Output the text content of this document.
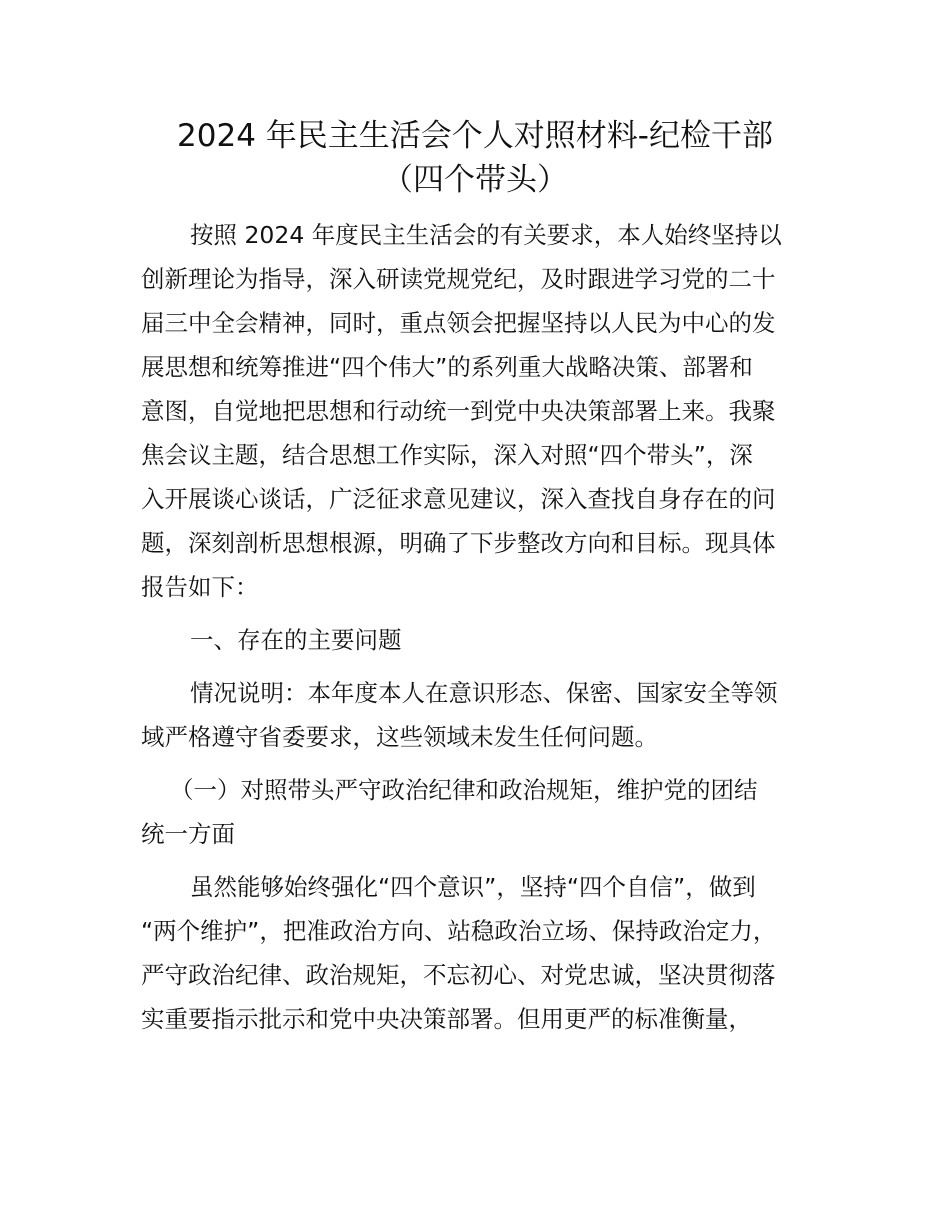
2024 年民主生活会个人对照材料-纪检干部
（四个带头）

按照 2024 年度民主生活会的有关要求，本人始终坚持以

创新理论为指导，深入研读党规党纪，及时跟进学习党的二十

届三中全会精神，同时，重点领会把握坚持以人民为中心的发

展思想和统筹推进“四个伟大”的系列重大战略决策、部署和

意图，自觉地把思想和行动统一到党中央决策部署上来。我聚

焦会议主题，结合思想工作实际，深入对照“四个带头”，深

入开展谈心谈话，广泛征求意见建议，深入查找自身存在的问

题，深刻剖析思想根源，明确了下步整改方向和目标。现具体

报告如下：

一、存在的主要问题

情况说明：本年度本人在意识形态、保密、国家安全等领

域严格遵守省委要求，这些领域未发生任何问题。

（一）对照带头严守政治纪律和政治规矩，维护党的团结

统一方面

虽然能够始终强化“四个意识”，坚持“四个自信”，做到

“两个维护”，把准政治方向、站稳政治立场、保持政治定力，

严守政治纪律、政治规矩，不忘初心、对党忠诚，坚决贯彻落

实重要指示批示和党中央决策部署。但用更严的标准衡量，
